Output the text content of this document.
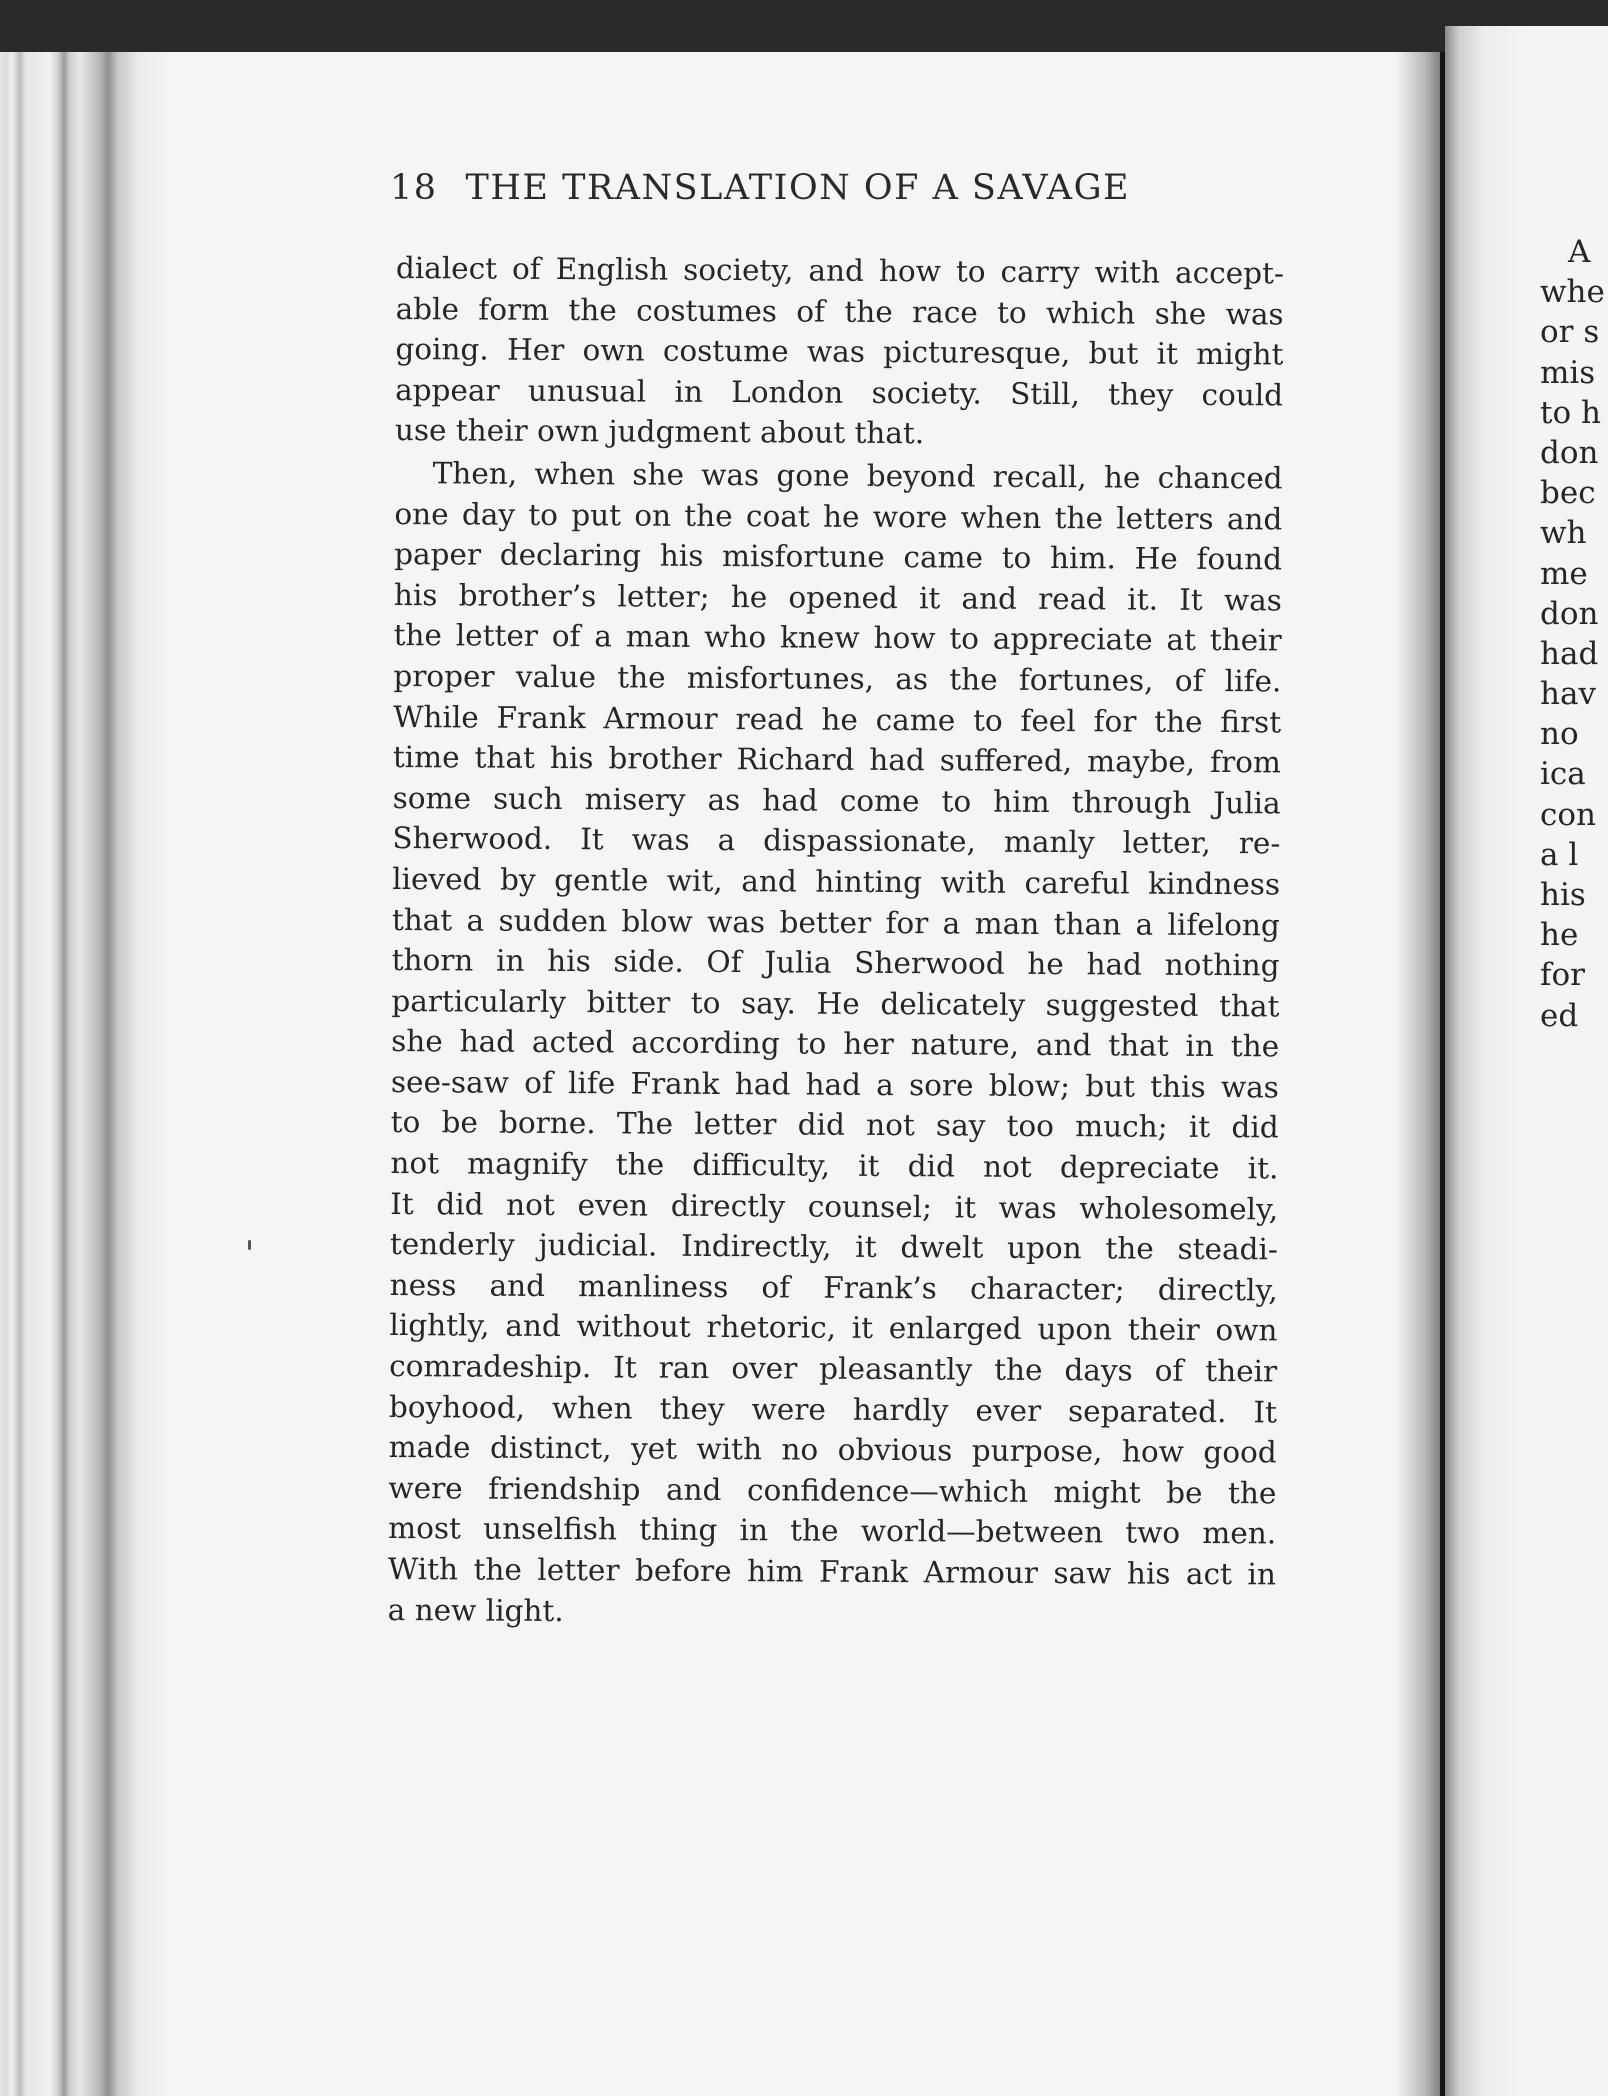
A
whe
or s
mis
to h
don
bec
wh
me
don
had
hav
no
ica
con
a l
his
he
for
ed
18 THE TRANSLATION OF A SAVAGE
dialect of English society, and how to carry with accept-
able form the costumes of the race to which she was
going. Her own costume was picturesque, but it might
appear unusual in London society. Still, they could
use their own judgment about that.
Then, when she was gone beyond recall, he chanced
one day to put on the coat he wore when the letters and
paper declaring his misfortune came to him. He found
his brother’s letter; he opened it and read it. It was
the letter of a man who knew how to appreciate at their
proper value the misfortunes, as the fortunes, of life.
While Frank Armour read he came to feel for the first
time that his brother Richard had suffered, maybe, from
some such misery as had come to him through Julia
Sherwood. It was a dispassionate, manly letter, re-
lieved by gentle wit, and hinting with careful kindness
that a sudden blow was better for a man than a lifelong
thorn in his side. Of Julia Sherwood he had nothing
particularly bitter to say. He delicately suggested that
she had acted according to her nature, and that in the
see-saw of life Frank had had a sore blow; but this was
to be borne. The letter did not say too much; it did
not magnify the difficulty, it did not depreciate it.
It did not even directly counsel; it was wholesomely,
tenderly judicial. Indirectly, it dwelt upon the steadi-
ness and manliness of Frank’s character; directly,
lightly, and without rhetoric, it enlarged upon their own
comradeship. It ran over pleasantly the days of their
boyhood, when they were hardly ever separated. It
made distinct, yet with no obvious purpose, how good
were friendship and confidence—which might be the
most unselfish thing in the world—between two men.
With the letter before him Frank Armour saw his act in
a new light.
